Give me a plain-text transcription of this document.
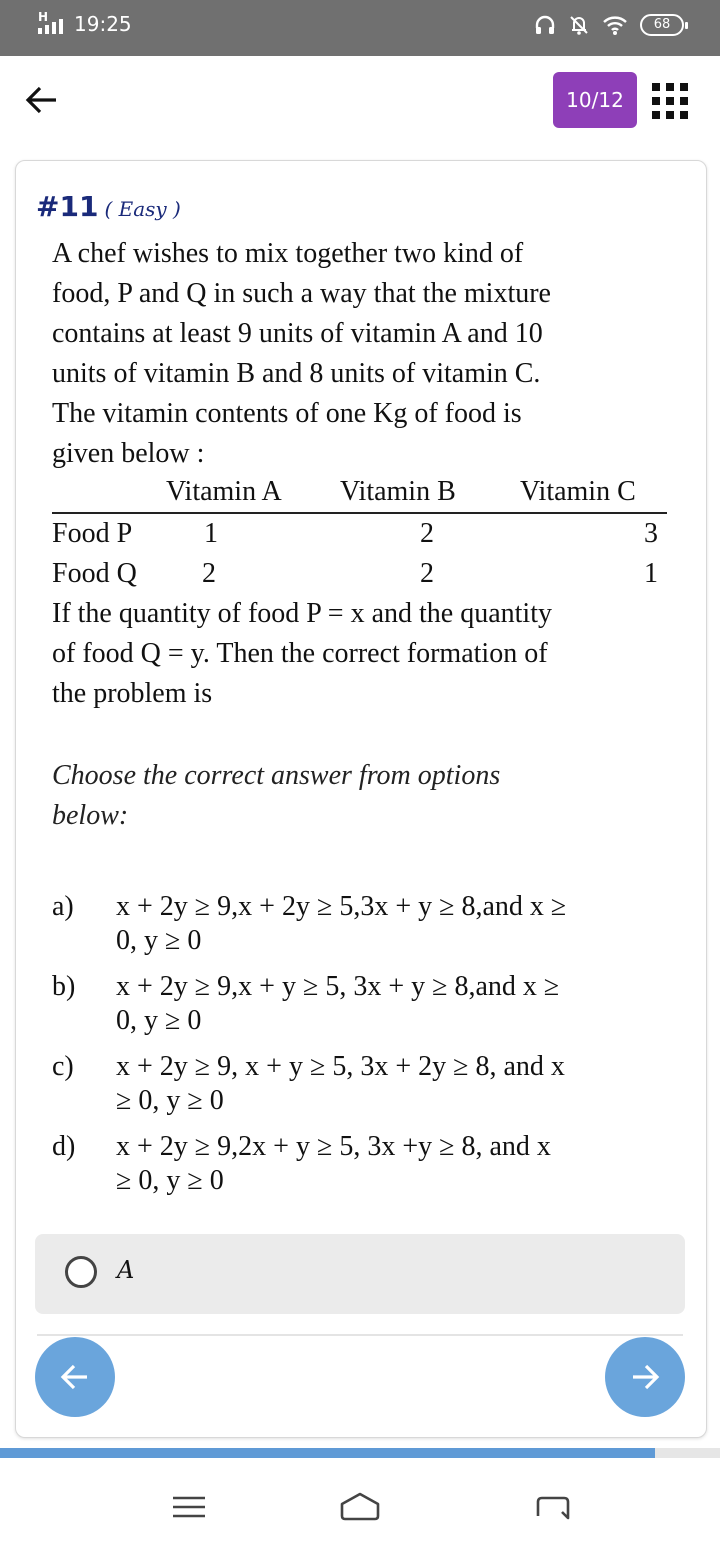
H 19:25	68
10/12
#11 ( Easy )
A chef wishes to mix together two kind of
food, P and Q in such a way that the mixture
contains at least 9 units of vitamin A and 10
units of vitamin B and 8 units of vitamin C.
The vitamin contents of one Kg of food is
given below :
Vitamin A Vitamin B Vitamin C
Food P	1	2	3
Food Q 2	2	1
If the quantity of food P = x and the quantity
of food Q = y. Then the correct formation of
the problem is
Choose the correct answer from options
below:
a)	x + 2y ≥ 9,x + 2y ≥ 5,3x + y ≥ 8,and x ≥
0, y ≥ 0
b)	x + 2y ≥ 9,x + y ≥ 5, 3x + y ≥ 8,and x ≥
0, y ≥ 0
c)	x + 2y ≥ 9, x + y ≥ 5, 3x + 2y ≥ 8, and x
≥ 0, y ≥ 0
d)	x + 2y ≥ 9,2x + y ≥ 5, 3x +y ≥ 8, and x
≥ 0, y ≥ 0
A
